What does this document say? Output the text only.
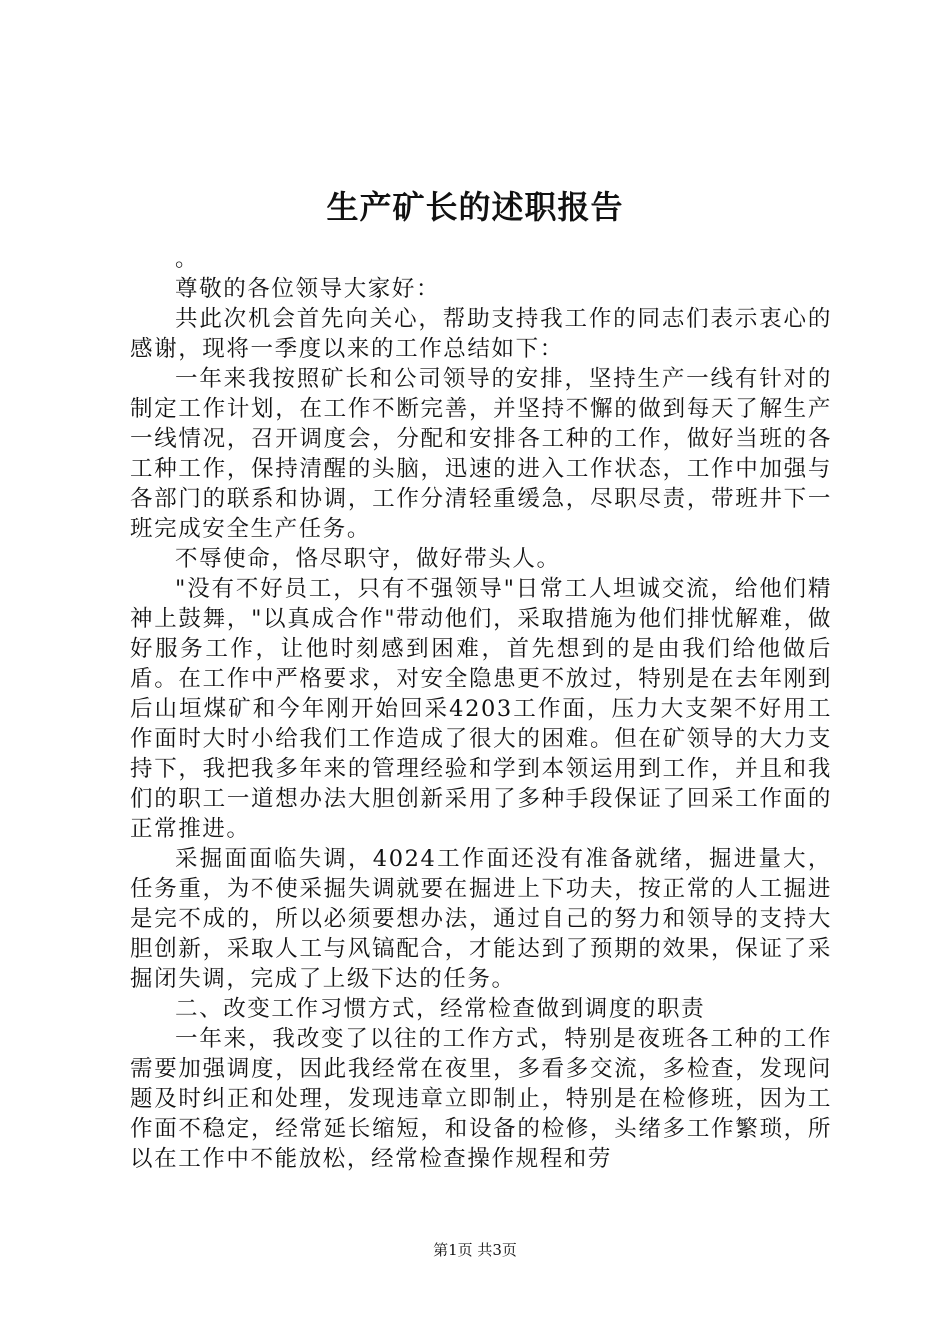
生产矿长的述职报告

。

尊敬的各位领导大家好：

共此次机会首先向关心，帮助支持我工作的同志们表示衷心的感谢，现将一季度以来的工作总结如下：

一年来我按照矿长和公司领导的安排，坚持生产一线有针对的制定工作计划，在工作不断完善，并坚持不懈的做到每天了解生产一线情况，召开调度会，分配和安排各工种的工作，做好当班的各工种工作，保持清醒的头脑，迅速的进入工作状态，工作中加强与各部门的联系和协调，工作分清轻重缓急，尽职尽责，带班井下一班完成安全生产任务。

不辱使命，恪尽职守，做好带头人。

"没有不好员工，只有不强领导"日常工人坦诚交流，给他们精神上鼓舞，"以真成合作"带动他们，采取措施为他们排忧解难，做好服务工作，让他时刻感到困难，首先想到的是由我们给他做后盾。在工作中严格要求，对安全隐患更不放过，特别是在去年刚到后山垣煤矿和今年刚开始回采4203工作面，压力大支架不好用工作面时大时小给我们工作造成了很大的困难。但在矿领导的大力支持下，我把我多年来的管理经验和学到本领运用到工作，并且和我们的职工一道想办法大胆创新采用了多种手段保证了回采工作面的正常推进。

采掘面面临失调，4024工作面还没有准备就绪，掘进量大，任务重，为不使采掘失调就要在掘进上下功夫，按正常的人工掘进是完不成的，所以必须要想办法，通过自己的努力和领导的支持大胆创新，采取人工与风镐配合，才能达到了预期的效果，保证了采掘闭失调，完成了上级下达的任务。

二、改变工作习惯方式，经常检查做到调度的职责

一年来，我改变了以往的工作方式，特别是夜班各工种的工作需要加强调度，因此我经常在夜里，多看多交流，多检查，发现问题及时纠正和处理，发现违章立即制止，特别是在检修班，因为工作面不稳定，经常延长缩短，和设备的检修，头绪多工作繁琐，所以在工作中不能放松，经常检查操作规程和劳

第1页 共3页
